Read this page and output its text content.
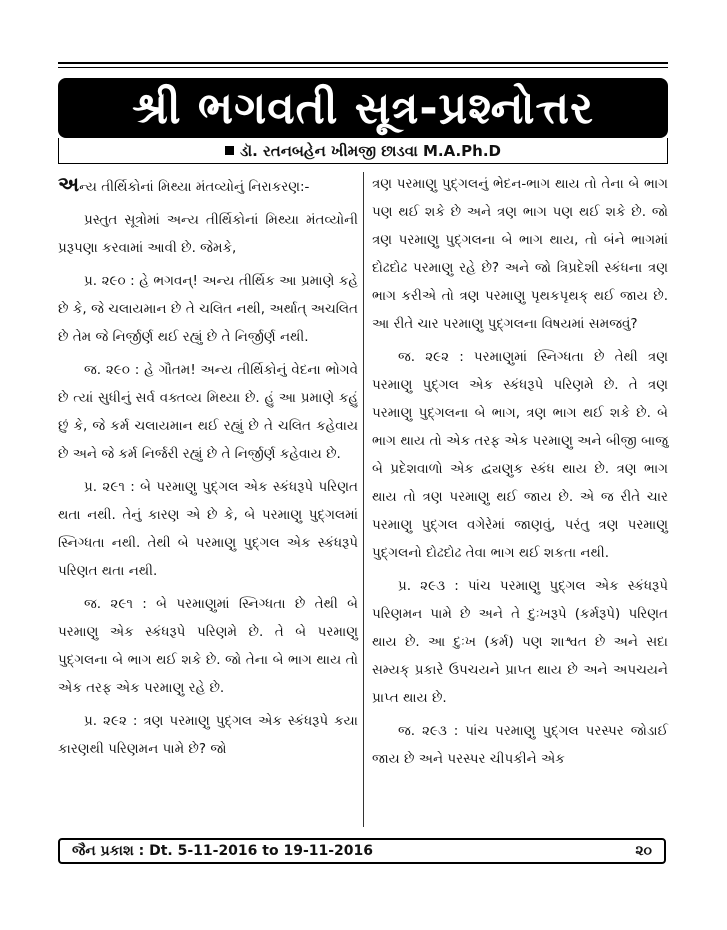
શ્રી ભગવતી સૂત્ર-પ્રશ્નોત્તર
ડૉ. રતનબહેન ખીમજી છાડવા M.A.Ph.D

અન્ય તીર્થિકોનાં મિથ્યા મંતવ્યોનું નિરાકરણ:-

પ્રસ્તુત સૂત્રોમાં અન્ય તીર્થિકોનાં મિથ્યા મંતવ્યોની પ્રરૂપણા કરવામાં આવી છે. જેમકે,

પ્ર. ૨૯૦ : હે ભગવન્! અન્ય તીર્થિક આ પ્રમાણે કહે છે કે, જે ચલાયમાન છે તે ચલિત નથી, અર્થાત્ અચલિત છે તેમ જે નિર્જીર્ણ થઈ રહ્યું છે તે નિર્જીર્ણ નથી.

જ. ૨૯૦ : હે ગૌતમ! અન્ય તીર્થિકોનું વેદના ભોગવે છે ત્યાં સુધીનું સર્વ વક્તવ્ય મિથ્યા છે. હું આ પ્રમાણે કહું છું કે, જે કર્મ ચલાયમાન થઈ રહ્યું છે તે ચલિત કહેવાય છે અને જે કર્મ નિર્જરી રહ્યું છે તે નિર્જીર્ણ કહેવાય છે.

પ્ર. ૨૯૧ : બે પરમાણુ પુદ્ગલ એક સ્કંધરૂપે પરિણત થતા નથી. તેનું કારણ એ છે કે, બે પરમાણુ પુદ્ગલમાં સ્નિગ્ધતા નથી. તેથી બે પરમાણુ પુદ્ગલ એક સ્કંધરૂપે પરિણત થતા નથી.

જ. ૨૯૧ : બે પરમાણુમાં સ્નિગ્ધતા છે તેથી બે પરમાણુ એક સ્કંધરૂપે પરિણમે છે. તે બે પરમાણુ પુદ્ગલના બે ભાગ થઈ શકે છે. જો તેના બે ભાગ થાય તો એક તરફ એક પરમાણુ રહે છે.

પ્ર. ૨૯૨ : ત્રણ પરમાણુ પુદ્ગલ એક સ્કંધરૂપે કયા કારણથી પરિણમન પામે છે? જો

ત્રણ પરમાણુ પુદ્ગલનું ભેદન-ભાગ થાય તો તેના બે ભાગ પણ થઈ શકે છે અને ત્રણ ભાગ પણ થઈ શકે છે. જો ત્રણ પરમાણુ પુદ્ગલના બે ભાગ થાય, તો બંને ભાગમાં દોઢદોઢ પરમાણુ રહે છે? અને જો ત્રિપ્રદેશી સ્કંધના ત્રણ ભાગ કરીએ તો ત્રણ પરમાણુ પૃથકપૃથક્ થઈ જાય છે. આ રીતે ચાર પરમાણુ પુદ્ગલના વિષયમાં સમજવું?

જ. ૨૯૨ : પરમાણુમાં સ્નિગ્ધતા છે તેથી ત્રણ પરમાણુ પુદ્ગલ એક સ્કંધરૂપે પરિણમે છે. તે ત્રણ પરમાણુ પુદ્ગલના બે ભાગ, ત્રણ ભાગ થઈ શકે છે. બે ભાગ થાય તો એક તરફ એક પરમાણુ અને બીજી બાજુ બે પ્રદેશવાળો એક દ્વ્યણુક સ્કંધ થાય છે. ત્રણ ભાગ થાય તો ત્રણ પરમાણુ થઈ જાય છે. એ જ રીતે ચાર પરમાણુ પુદ્ગલ વગેરેમાં જાણવું, પરંતુ ત્રણ પરમાણુ પુદ્ગલનો દોઢદોઢ તેવા ભાગ થઈ શકતા નથી.

પ્ર. ૨૯૩ : પાંચ પરમાણુ પુદ્ગલ એક સ્કંધરૂપે પરિણમન પામે છે અને તે દુઃખરૂપે (કર્મરૂપે) પરિણત થાય છે. આ દુઃખ (કર્મ) પણ શાશ્વત છે અને સદા સમ્યક્ પ્રકારે ઉપચયને પ્રાપ્ત થાય છે અને અપચયને પ્રાપ્ત થાય છે.

જ. ૨૯૩ : પાંચ પરમાણુ પુદ્ગલ પરસ્પર જોડાઈ જાય છે અને પરસ્પર ચીપકીને એક

જૈન પ્રકાશ : Dt. 5-11-2016 to 19-11-2016	૨૦
